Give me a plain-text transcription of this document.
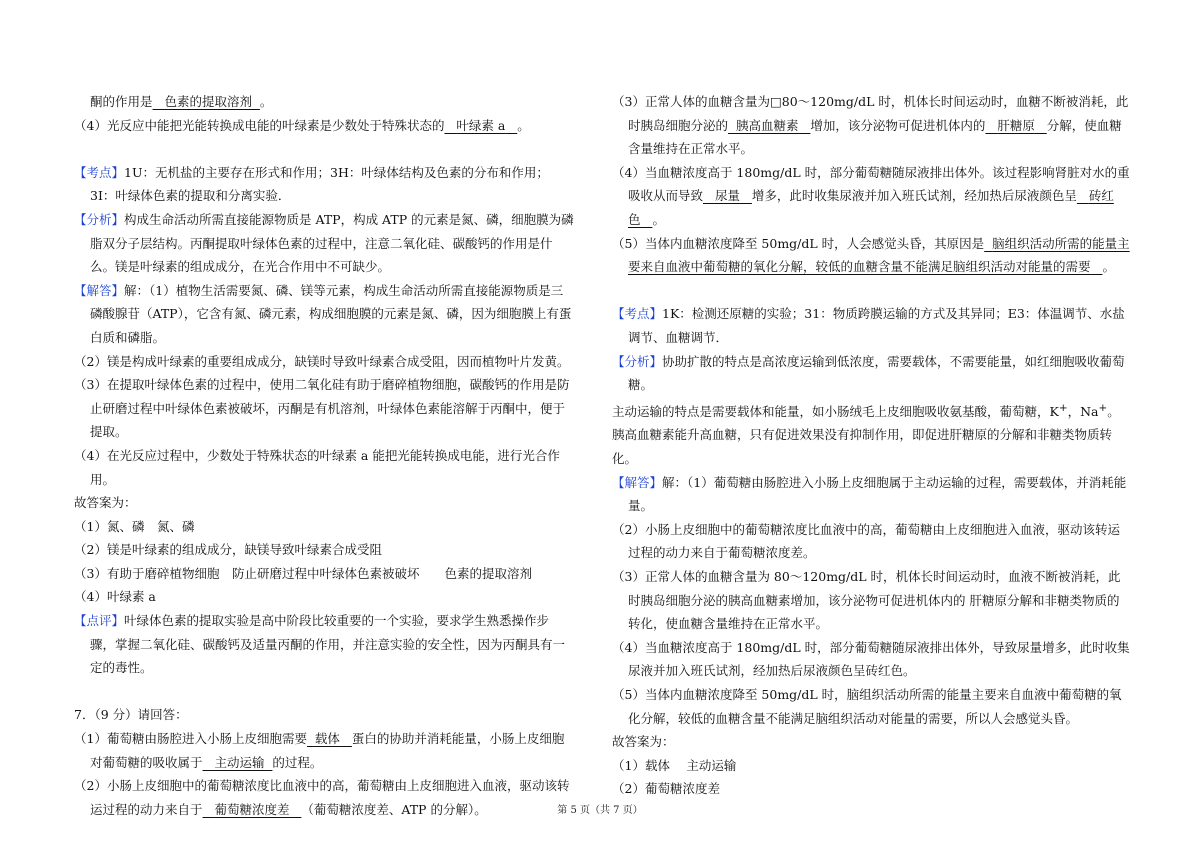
酮的作用是 色素的提取溶剂 。

（4）光反应中能把光能转换成电能的叶绿素是少数处于特殊状态的 叶绿素 a 。

【考点】1U：无机盐的主要存在形式和作用；3H：叶绿体结构及色素的分布和作用；3I：叶绿体色素的提取和分离实验．

【分析】构成生命活动所需直接能源物质是 ATP，构成 ATP 的元素是氮、磷，细胞膜为磷脂双分子层结构。丙酮提取叶绿体色素的过程中，注意二氧化硅、碳酸钙的作用是什么。镁是叶绿素的组成成分，在光合作用中不可缺少。

【解答】解：（1）植物生活需要氮、磷、镁等元素，构成生命活动所需直接能源物质是三磷酸腺苷（ATP），它含有氮、磷元素，构成细胞膜的元素是氮、磷，因为细胞膜上有蛋白质和磷脂。

（2）镁是构成叶绿素的重要组成成分，缺镁时导致叶绿素合成受阻，因而植物叶片发黄。

（3）在提取叶绿体色素的过程中，使用二氧化硅有助于磨碎植物细胞，碳酸钙的作用是防止研磨过程中叶绿体色素被破坏，丙酮是有机溶剂，叶绿体色素能溶解于丙酮中，便于提取。

（4）在光反应过程中，少数处于特殊状态的叶绿素 a 能把光能转换成电能，进行光合作用。

故答案为：

（1）氮、磷　氮、磷

（2）镁是叶绿素的组成成分，缺镁导致叶绿素合成受阻

（3）有助于磨碎植物细胞　防止研磨过程中叶绿体色素被破坏　　色素的提取溶剂

（4）叶绿素 a

【点评】叶绿体色素的提取实验是高中阶段比较重要的一个实验，要求学生熟悉操作步骤，掌握二氧化硅、碳酸钙及适量丙酮的作用，并注意实验的安全性，因为丙酮具有一定的毒性。

7．（9 分）请回答：

（1）葡萄糖由肠腔进入小肠上皮细胞需要 载体 蛋白的协助并消耗能量，小肠上皮细胞对葡萄糖的吸收属于 主动运输 的过程。

（2）小肠上皮细胞中的葡萄糖浓度比血液中的高，葡萄糖由上皮细胞进入血液，驱动该转运过程的动力来自于 葡萄糖浓度差 （葡萄糖浓度差、ATP 的分解）。

（3）正常人体的血糖含量为□80～120mg/dL 时，机体长时间运动时，血糖不断被消耗，此时胰岛细胞分泌的 胰高血糖素 增加，该分泌物可促进机体内的 肝糖原 分解，使血糖含量维持在正常水平。

（4）当血糖浓度高于 180mg/dL 时，部分葡萄糖随尿液排出体外。该过程影响肾脏对水的重吸收从而导致 尿量 增多，此时收集尿液并加入班氏试剂，经加热后尿液颜色呈 砖红色 。

（5）当体内血糖浓度降至 50mg/dL 时，人会感觉头昏，其原因是 脑组织活动所需的能量主要来自血液中葡萄糖的氧化分解，较低的血糖含量不能满足脑组织活动对能量的需要 。

【考点】1K：检测还原糖的实验；31：物质跨膜运输的方式及其异同；E3：体温调节、水盐调节、血糖调节．

【分析】协助扩散的特点是高浓度运输到低浓度，需要载体，不需要能量，如红细胞吸收葡萄糖。

主动运输的特点是需要载体和能量，如小肠绒毛上皮细胞吸收氨基酸，葡萄糖，K+，Na+。

胰高血糖素能升高血糖，只有促进效果没有抑制作用，即促进肝糖原的分解和非糖类物质转化。

【解答】解：（1）葡萄糖由肠腔进入小肠上皮细胞属于主动运输的过程，需要载体，并消耗能量。

（2）小肠上皮细胞中的葡萄糖浓度比血液中的高，葡萄糖由上皮细胞进入血液，驱动该转运过程的动力来自于葡萄糖浓度差。

（3）正常人体的血糖含量为 80～120mg/dL 时，机体长时间运动时，血液不断被消耗，此时胰岛细胞分泌的胰高血糖素增加，该分泌物可促进机体内的 肝糖原分解和非糖类物质的转化，使血糖含量维持在正常水平。

（4）当血糖浓度高于 180mg/dL 时，部分葡萄糖随尿液排出体外，导致尿量增多，此时收集尿液并加入班氏试剂，经加热后尿液颜色呈砖红色。

（5）当体内血糖浓度降至 50mg/dL 时，脑组织活动所需的能量主要来自血液中葡萄糖的氧化分解，较低的血糖含量不能满足脑组织活动对能量的需要，所以人会感觉头昏。

故答案为：

（1）载体　 主动运输

（2）葡萄糖浓度差

第 5 页（共 7 页）
